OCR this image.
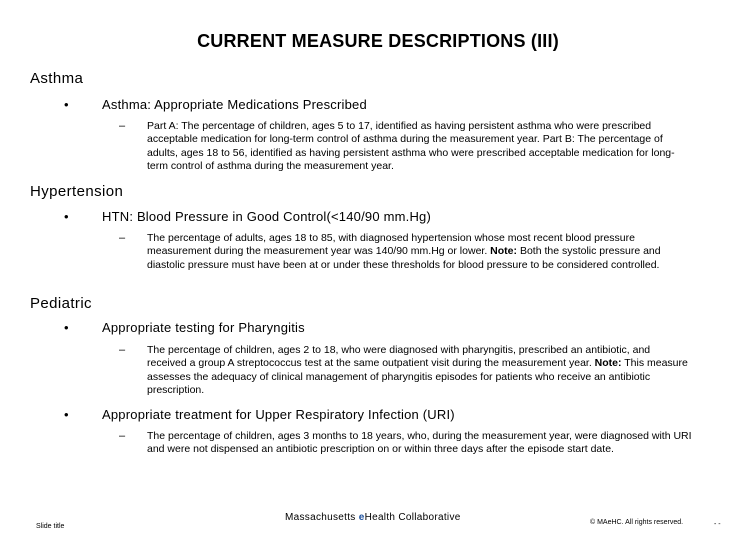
CURRENT MEASURE DESCRIPTIONS (III)
Asthma
•	Asthma: Appropriate Medications Prescribed
– Part A: The percentage of children, ages 5 to 17, identified as having persistent asthma who were prescribed acceptable medication for long-term control of asthma during the measurement year. Part B: The percentage of adults, ages 18 to 56, identified as having persistent asthma who were prescribed acceptable medication for long-term control of asthma during the measurement year.
Hypertension
•	HTN: Blood Pressure in Good Control(<140/90 mm.Hg)
– The percentage of adults, ages 18 to 85, with diagnosed hypertension whose most recent blood pressure measurement during the measurement year was 140/90 mm.Hg or lower. Note: Both the systolic pressure and diastolic pressure must have been at or under these thresholds for blood pressure to be considered controlled.
Pediatric
•	Appropriate testing for Pharyngitis
– The percentage of children, ages 2 to 18, who were diagnosed with pharyngitis, prescribed an antibiotic, and received a group A streptococcus test at the same outpatient visit during the measurement year. Note: This measure assesses the adequacy of clinical management of pharyngitis episodes for patients who receive an antibiotic prescription.
•	Appropriate treatment for Upper Respiratory Infection (URI)
– The percentage of children, ages 3 months to 18 years, who, during the measurement year, were diagnosed with URI and were not dispensed an antibiotic prescription on or within three days after the episode start date.
Slide title
Massachusetts eHealth Collaborative	© MAeHC. All rights reserved.	- -
